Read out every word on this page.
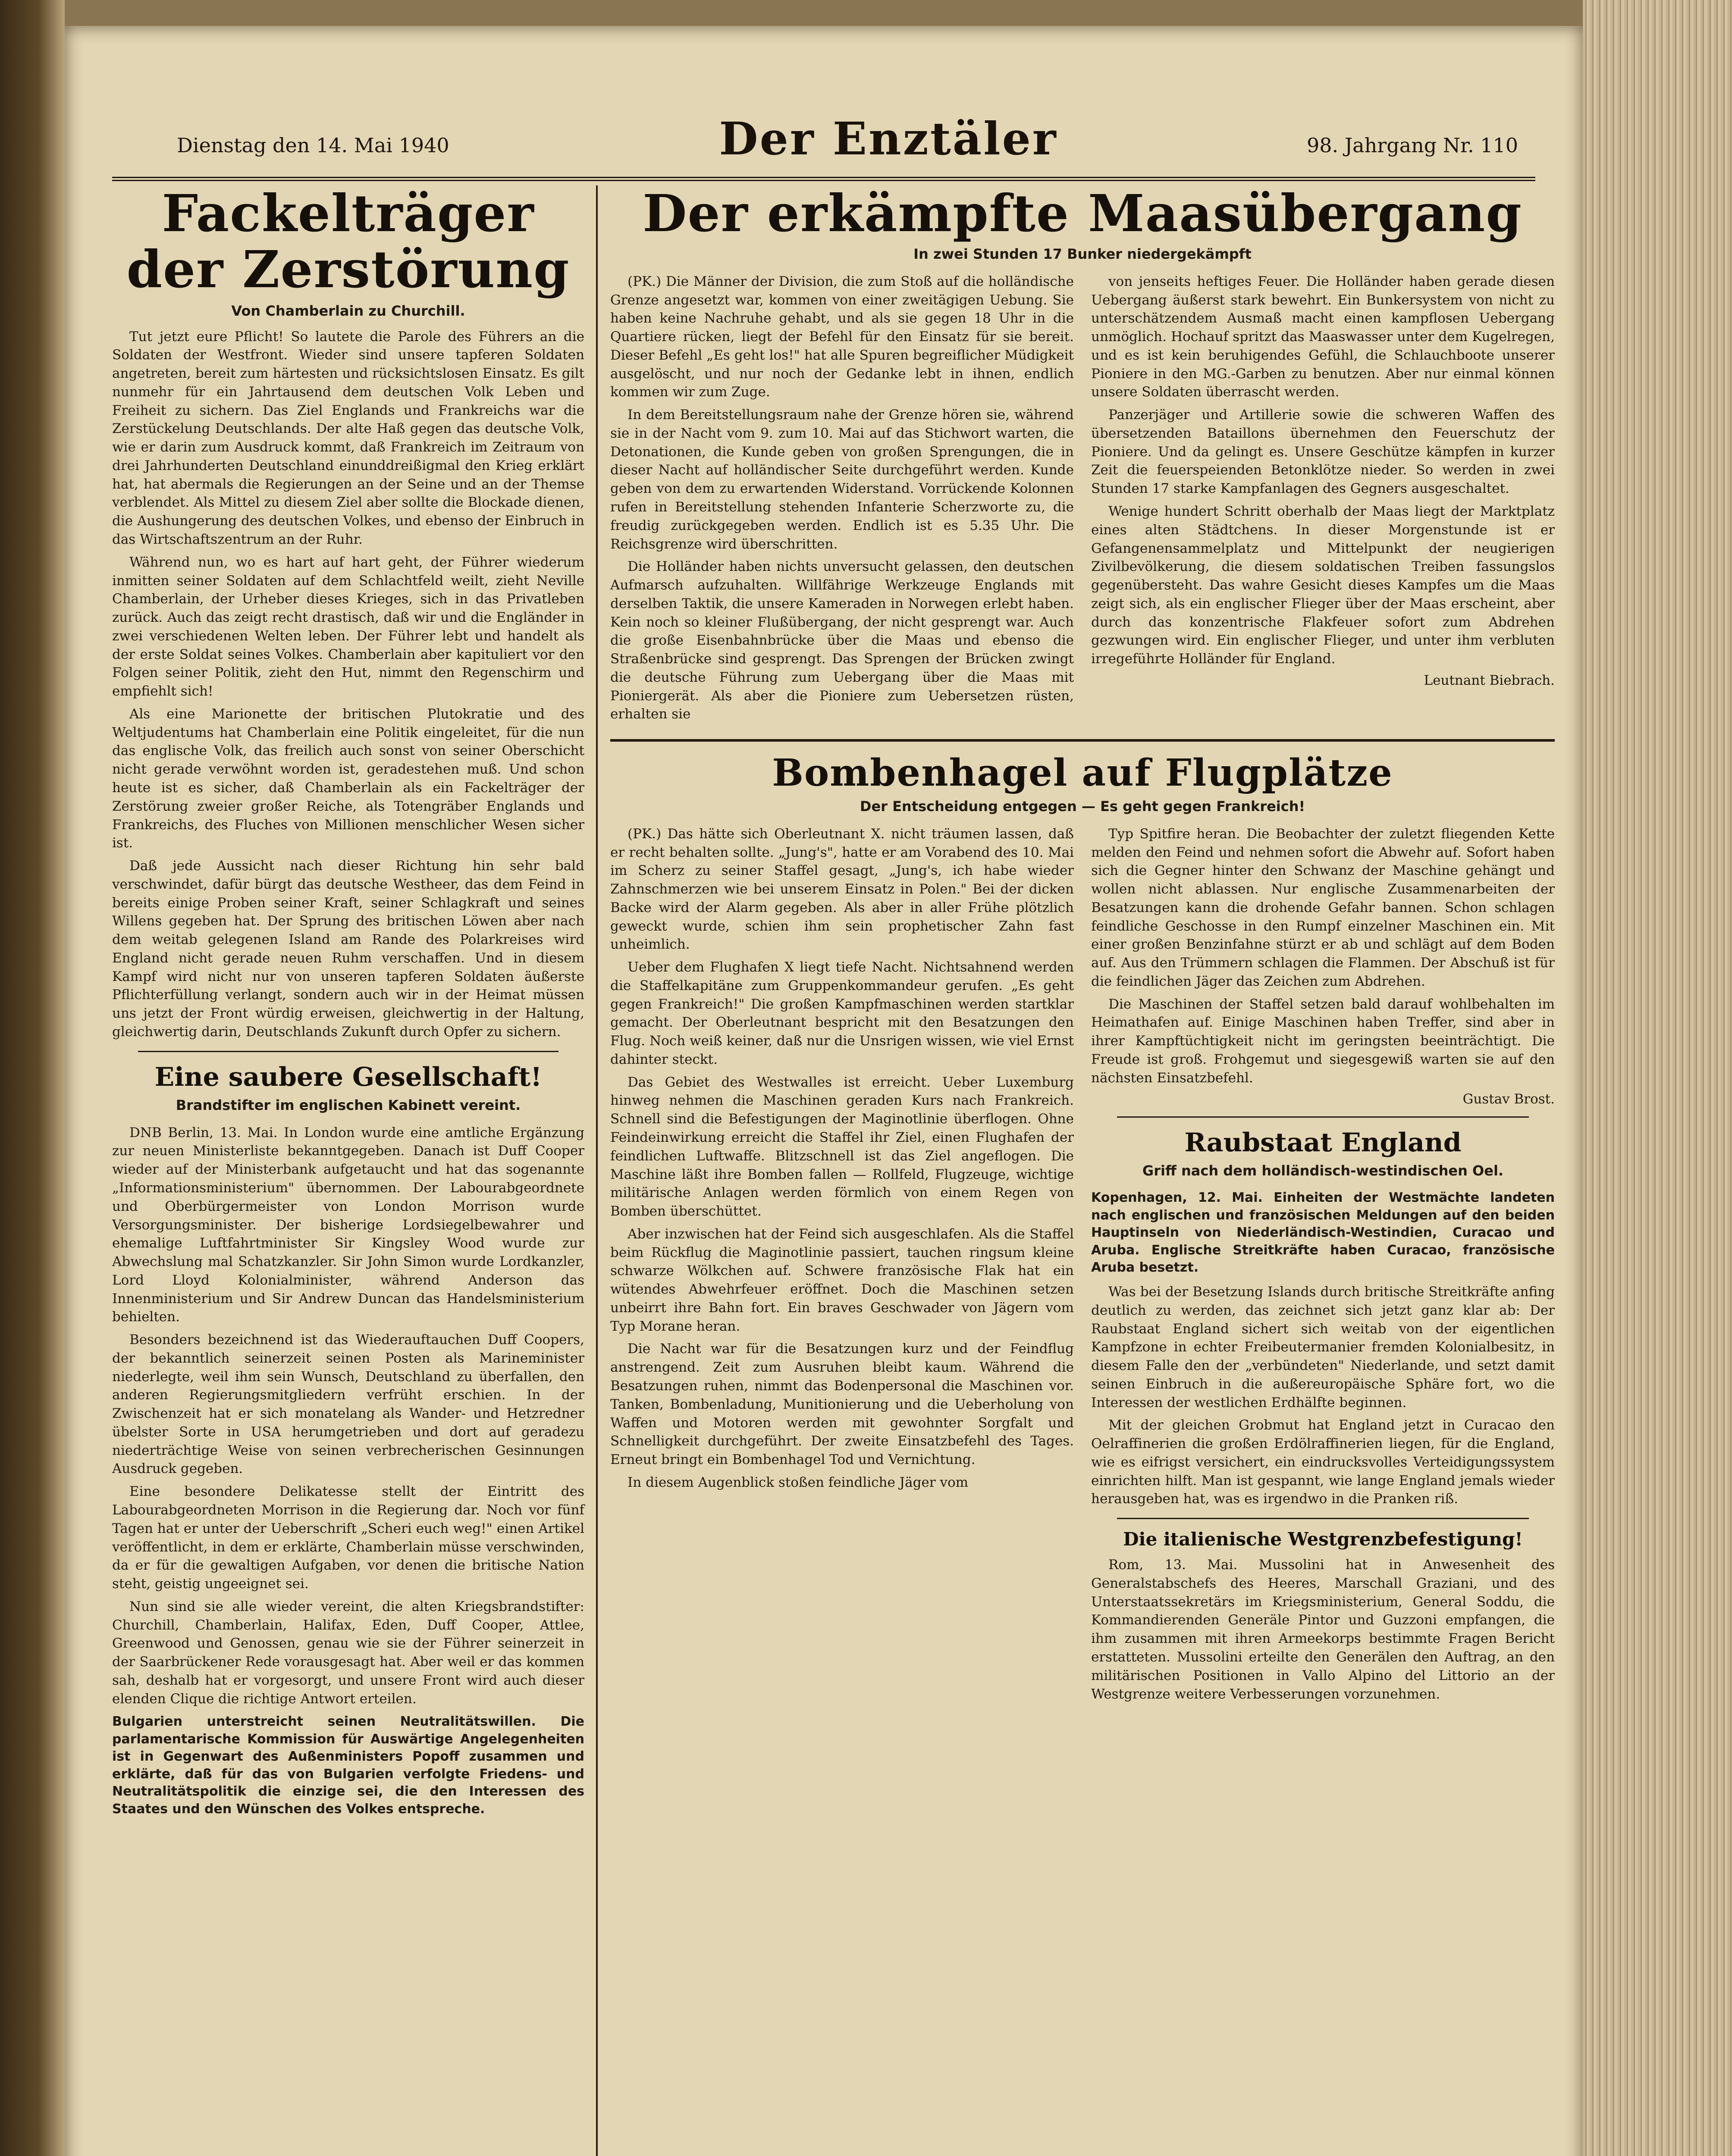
Dienstag den 14. Mai 1940	Der Enztäler	98. Jahrgang Nr. 110
Fackelträger der Zerstörung
Von Chamberlain zu Churchill.

Tut jetzt eure Pflicht! So lautete die Parole des Führers an die Soldaten der Westfront. Wieder sind unsere tapferen Soldaten angetreten, bereit zum härtesten und rücksichtslosen Einsatz. Es gilt nunmehr für ein Jahrtausend dem deutschen Volk Leben und Freiheit zu sichern. Das Ziel Englands und Frankreichs war die Zerstückelung Deutschlands. Der alte Haß gegen das deutsche Volk, wie er darin zum Ausdruck kommt, daß Frankreich im Zeitraum von drei Jahrhunderten Deutschland einunddreißigmal den Krieg erklärt hat, hat abermals die Regierungen an der Seine und an der Themse verblendet. Als Mittel zu diesem Ziel aber sollte die Blockade dienen, die Aushungerung des deutschen Volkes, und ebenso der Einbruch in das Wirtschaftszentrum an der Ruhr.

Während nun, wo es hart auf hart geht, der Führer wiederum inmitten seiner Soldaten auf dem Schlachtfeld weilt, zieht Neville Chamberlain, der Urheber dieses Krieges, sich in das Privatleben zurück. Auch das zeigt recht drastisch, daß wir und die Engländer in zwei verschiedenen Welten leben. Der Führer lebt und handelt als der erste Soldat seines Volkes. Chamberlain aber kapituliert vor den Folgen seiner Politik, zieht den Hut, nimmt den Regenschirm und empfiehlt sich!

Als eine Marionette der britischen Plutokratie und des Weltjudentums hat Chamberlain eine Politik eingeleitet, für die nun das englische Volk, das freilich auch sonst von seiner Oberschicht nicht gerade verwöhnt worden ist, geradestehen muß. Und schon heute ist es sicher, daß Chamberlain als ein Fackelträger der Zerstörung zweier großer Reiche, als Totengräber Englands und Frankreichs, des Fluches von Millionen menschlicher Wesen sicher ist.

Daß jede Aussicht nach dieser Richtung hin sehr bald verschwindet, dafür bürgt das deutsche Westheer, das dem Feind in bereits einige Proben seiner Kraft, seiner Schlagkraft und seines Willens gegeben hat. Der Sprung des britischen Löwen aber nach dem weitab gelegenen Island am Rande des Polarkreises wird England nicht gerade neuen Ruhm verschaffen. Und in diesem Kampf wird nicht nur von unseren tapferen Soldaten äußerste Pflichterfüllung verlangt, sondern auch wir in der Heimat müssen uns jetzt der Front würdig erweisen, gleichwertig in der Haltung, gleichwertig darin, Deutschlands Zukunft durch Opfer zu sichern.

Eine saubere Gesellschaft!
Brandstifter im englischen Kabinett vereint.

DNB Berlin, 13. Mai. In London wurde eine amtliche Ergänzung zur neuen Ministerliste bekanntgegeben. Danach ist Duff Cooper wieder auf der Ministerbank aufgetaucht und hat das sogenannte „Informationsministerium" übernommen. Der Labourabgeordnete und Oberbürgermeister von London Morrison wurde Versorgungsminister. Der bisherige Lordsiegelbewahrer und ehemalige Luftfahrtminister Sir Kingsley Wood wurde zur Abwechslung mal Schatzkanzler. Sir John Simon wurde Lordkanzler, Lord Lloyd Kolonialminister, während Anderson das Innenministerium und Sir Andrew Duncan das Handelsministerium behielten.

Besonders bezeichnend ist das Wiederauftauchen Duff Coopers, der bekanntlich seinerzeit seinen Posten als Marineminister niederlegte, weil ihm sein Wunsch, Deutschland zu überfallen, den anderen Regierungsmitgliedern verfrüht erschien. In der Zwischenzeit hat er sich monatelang als Wander- und Hetzredner übelster Sorte in USA herumgetrieben und dort auf geradezu niederträchtige Weise von seinen verbrecherischen Gesinnungen Ausdruck gegeben.

Eine besondere Delikatesse stellt der Eintritt des Labourabgeordneten Morrison in die Regierung dar. Noch vor fünf Tagen hat er unter der Ueberschrift „Scheri euch weg!" einen Artikel veröffentlicht, in dem er erklärte, Chamberlain müsse verschwinden, da er für die gewaltigen Aufgaben, vor denen die britische Nation steht, geistig ungeeignet sei.

Nun sind sie alle wieder vereint, die alten Kriegsbrandstifter: Churchill, Chamberlain, Halifax, Eden, Duff Cooper, Attlee, Greenwood und Genossen, genau wie sie der Führer seinerzeit in der Saarbrückener Rede vorausgesagt hat. Aber weil er das kommen sah, deshalb hat er vorgesorgt, und unsere Front wird auch dieser elenden Clique die richtige Antwort erteilen.

Bulgarien unterstreicht seinen Neutralitätswillen. Die parlamentarische Kommission für Auswärtige Angelegenheiten ist in Gegenwart des Außenministers Popoff zusammen und erklärte, daß für das von Bulgarien verfolgte Friedens- und Neutralitätspolitik die einzige sei, die den Interessen des Staates und den Wünschen des Volkes entspreche.
Der erkämpfte Maasübergang
In zwei Stunden 17 Bunker niedergekämpft

(PK.) Die Männer der Division, die zum Stoß auf die holländische Grenze angesetzt war, kommen von einer zweitägigen Uebung. Sie haben keine Nachruhe gehabt, und als sie gegen 18 Uhr in die Quartiere rücken, liegt der Befehl für den Einsatz für sie bereit. Dieser Befehl „Es geht los!" hat alle Spuren begreiflicher Müdigkeit ausgelöscht, und nur noch der Gedanke lebt in ihnen, endlich kommen wir zum Zuge.

In dem Bereitstellungsraum nahe der Grenze hören sie, während sie in der Nacht vom 9. zum 10. Mai auf das Stichwort warten, die Detonationen, die Kunde geben von großen Sprengungen, die in dieser Nacht auf holländischer Seite durchgeführt werden. Kunde geben von dem zu erwartenden Widerstand. Vorrückende Kolonnen rufen in Bereitstellung stehenden Infanterie Scherzworte zu, die freudig zurückgegeben werden. Endlich ist es 5.35 Uhr. Die Reichsgrenze wird überschritten.

Die Holländer haben nichts unversucht gelassen, den deutschen Aufmarsch aufzuhalten. Willfährige Werkzeuge Englands mit derselben Taktik, die unsere Kameraden in Norwegen erlebt haben. Kein noch so kleiner Flußübergang, der nicht gesprengt war. Auch die große Eisenbahnbrücke über die Maas und ebenso die Straßenbrücke sind gesprengt. Das Sprengen der Brücken zwingt die deutsche Führung zum Uebergang über die Maas mit Pioniergerät. Als aber die Pioniere zum Uebersetzen rüsten, erhalten sie

von jenseits heftiges Feuer. Die Holländer haben gerade diesen Uebergang äußerst stark bewehrt. Ein Bunkersystem von nicht zu unterschätzendem Ausmaß macht einen kampflosen Uebergang unmöglich. Hochauf spritzt das Maaswasser unter dem Kugelregen, und es ist kein beruhigendes Gefühl, die Schlauchboote unserer Pioniere in den MG.-Garben zu benutzen. Aber nur einmal können unsere Soldaten überrascht werden.

Panzerjäger und Artillerie sowie die schweren Waffen des übersetzenden Bataillons übernehmen den Feuerschutz der Pioniere. Und da gelingt es. Unsere Geschütze kämpfen in kurzer Zeit die feuerspeienden Betonklötze nieder. So werden in zwei Stunden 17 starke Kampfanlagen des Gegners ausgeschaltet.

Wenige hundert Schritt oberhalb der Maas liegt der Marktplatz eines alten Städtchens. In dieser Morgenstunde ist er Gefangenensammelplatz und Mittelpunkt der neugierigen Zivilbevölkerung, die diesem soldatischen Treiben fassungslos gegenübersteht. Das wahre Gesicht dieses Kampfes um die Maas zeigt sich, als ein englischer Flieger über der Maas erscheint, aber durch das konzentrische Flakfeuer sofort zum Abdrehen gezwungen wird. Ein englischer Flieger, und unter ihm verbluten irregeführte Holländer für England.

Leutnant Biebrach.
Bombenhagel auf Flugplätze
Der Entscheidung entgegen — Es geht gegen Frankreich!

(PK.) Das hätte sich Oberleutnant X. nicht träumen lassen, daß er recht behalten sollte. „Jung's", hatte er am Vorabend des 10. Mai im Scherz zu seiner Staffel gesagt, „Jung's, ich habe wieder Zahnschmerzen wie bei unserem Einsatz in Polen." Bei der dicken Backe wird der Alarm gegeben. Als aber in aller Frühe plötzlich geweckt wurde, schien ihm sein prophetischer Zahn fast unheimlich.

Ueber dem Flughafen X liegt tiefe Nacht. Nichtsahnend werden die Staffelkapitäne zum Gruppenkommandeur gerufen. „Es geht gegen Frankreich!" Die großen Kampfmaschinen werden startklar gemacht. Der Oberleutnant bespricht mit den Besatzungen den Flug. Noch weiß keiner, daß nur die Unsrigen wissen, wie viel Ernst dahinter steckt.

Das Gebiet des Westwalles ist erreicht. Ueber Luxemburg hinweg nehmen die Maschinen geraden Kurs nach Frankreich. Schnell sind die Befestigungen der Maginotlinie überflogen. Ohne Feindeinwirkung erreicht die Staffel ihr Ziel, einen Flughafen der feindlichen Luftwaffe. Blitzschnell ist das Ziel angeflogen. Die Maschine läßt ihre Bomben fallen — Rollfeld, Flugzeuge, wichtige militärische Anlagen werden förmlich von einem Regen von Bomben überschüttet.

Aber inzwischen hat der Feind sich ausgeschlafen. Als die Staffel beim Rückflug die Maginotlinie passiert, tauchen ringsum kleine schwarze Wölkchen auf. Schwere französische Flak hat ein wütendes Abwehrfeuer eröffnet. Doch die Maschinen setzen unbeirrt ihre Bahn fort. Ein braves Geschwader von Jägern vom Typ Morane heran.

Die Nacht war für die Besatzungen kurz und der Feindflug anstrengend. Zeit zum Ausruhen bleibt kaum. Während die Besatzungen ruhen, nimmt das Bodenpersonal die Maschinen vor. Tanken, Bombenladung, Munitionierung und die Ueberholung von Waffen und Motoren werden mit gewohnter Sorgfalt und Schnelligkeit durchgeführt. Der zweite Einsatzbefehl des Tages. Erneut bringt ein Bombenhagel Tod und Vernichtung.

In diesem Augenblick stoßen feindliche Jäger vom

Typ Spitfire heran. Die Beobachter der zuletzt fliegenden Kette melden den Feind und nehmen sofort die Abwehr auf. Sofort haben sich die Gegner hinter den Schwanz der Maschine gehängt und wollen nicht ablassen. Nur englische Zusammenarbeiten der Besatzungen kann die drohende Gefahr bannen. Schon schlagen feindliche Geschosse in den Rumpf einzelner Maschinen ein. Mit einer großen Benzinfahne stürzt er ab und schlägt auf dem Boden auf. Aus den Trümmern schlagen die Flammen. Der Abschuß ist für die feindlichen Jäger das Zeichen zum Abdrehen.

Die Maschinen der Staffel setzen bald darauf wohlbehalten im Heimathafen auf. Einige Maschinen haben Treffer, sind aber in ihrer Kampftüchtigkeit nicht im geringsten beeinträchtigt. Die Freude ist groß. Frohgemut und siegesgewiß warten sie auf den nächsten Einsatzbefehl.

Gustav Brost.
Raubstaat England
Griff nach dem holländisch-westindischen Oel.
Kopenhagen, 12. Mai. Einheiten der Westmächte landeten nach englischen und französischen Meldungen auf den beiden Hauptinseln von Niederländisch-Westindien, Curacao und Aruba. Englische Streitkräfte haben Curacao, französische Aruba besetzt.

Was bei der Besetzung Islands durch britische Streitkräfte anfing deutlich zu werden, das zeichnet sich jetzt ganz klar ab: Der Raubstaat England sichert sich weitab von der eigentlichen Kampfzone in echter Freibeutermanier fremden Kolonialbesitz, in diesem Falle den der „verbündeten" Niederlande, und setzt damit seinen Einbruch in die außereuropäische Sphäre fort, wo die Interessen der westlichen Erdhälfte beginnen.

Mit der gleichen Grobmut hat England jetzt in Curacao den Oelraffinerien die großen Erdölraffinerien liegen, für die England, wie es eifrigst versichert, ein eindrucksvolles Verteidigungssystem einrichten hilft. Man ist gespannt, wie lange England jemals wieder herausgeben hat, was es irgendwo in die Pranken riß.

Die italienische Westgrenzbefestigung!

Rom, 13. Mai. Mussolini hat in Anwesenheit des Generalstabschefs des Heeres, Marschall Graziani, und des Unterstaatssekretärs im Kriegsministerium, General Soddu, die Kommandierenden Generäle Pintor und Guzzoni empfangen, die ihm zusammen mit ihren Armeekorps bestimmte Fragen Bericht erstatteten. Mussolini erteilte den Generälen den Auftrag, an den militärischen Positionen in Vallo Alpino del Littorio an der Westgrenze weitere Verbesserungen vorzunehmen.
